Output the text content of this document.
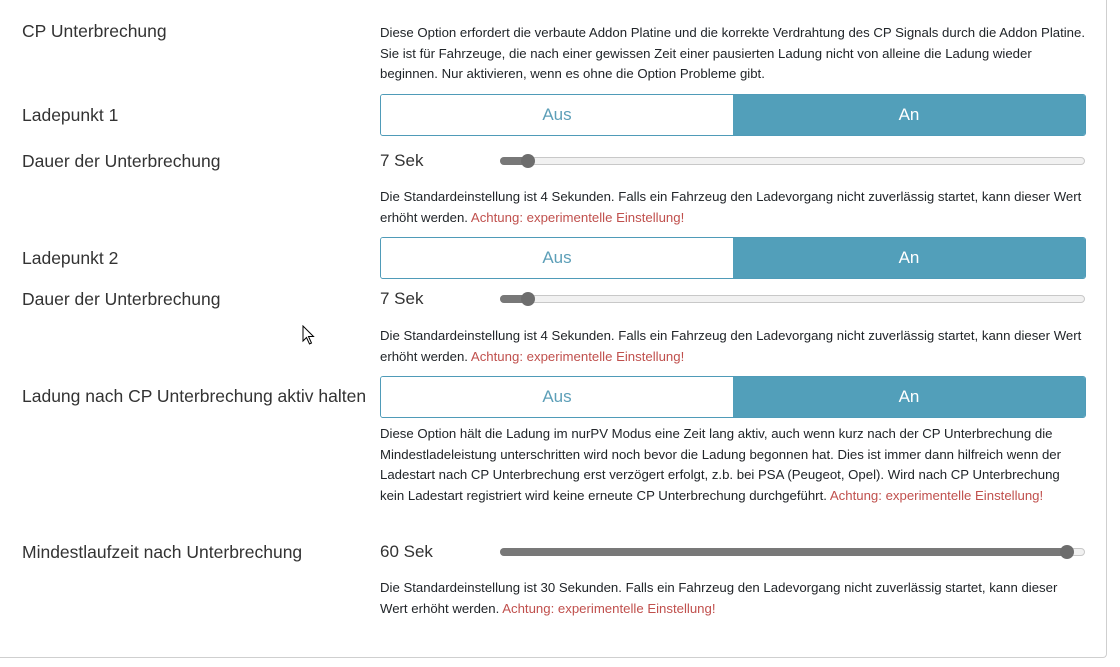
CP Unterbrechung	Diese Option erfordert die verbaute Addon Platine und die korrekte Verdrahtung des CP Signals durch die Addon Platine. Sie ist für Fahrzeuge, die nach einer gewissen Zeit einer pausierten Ladung nicht von alleine die Ladung wieder beginnen. Nur aktivieren, wenn es ohne die Option Probleme gibt.
Ladepunkt 1	Aus	An
Dauer der Unterbrechung	7 Sek
Die Standardeinstellung ist 4 Sekunden. Falls ein Fahrzeug den Ladevorgang nicht zuverlässig startet, kann dieser Wert erhöht werden. Achtung: experimentelle Einstellung!
Ladepunkt 2	Aus	An
Dauer der Unterbrechung	7 Sek
Die Standardeinstellung ist 4 Sekunden. Falls ein Fahrzeug den Ladevorgang nicht zuverlässig startet, kann dieser Wert erhöht werden. Achtung: experimentelle Einstellung!
Ladung nach CP Unterbrechung aktiv halten	Aus	An
Diese Option hält die Ladung im nurPV Modus eine Zeit lang aktiv, auch wenn kurz nach der CP Unterbrechung die Mindestladeleistung unterschritten wird noch bevor die Ladung begonnen hat. Dies ist immer dann hilfreich wenn der Ladestart nach CP Unterbrechung erst verzögert erfolgt, z.b. bei PSA (Peugeot, Opel). Wird nach CP Unterbrechung kein Ladestart registriert wird keine erneute CP Unterbrechung durchgeführt. Achtung: experimentelle Einstellung!
Mindestlaufzeit nach Unterbrechung	60 Sek
Die Standardeinstellung ist 30 Sekunden. Falls ein Fahrzeug den Ladevorgang nicht zuverlässig startet, kann dieser Wert erhöht werden. Achtung: experimentelle Einstellung!
